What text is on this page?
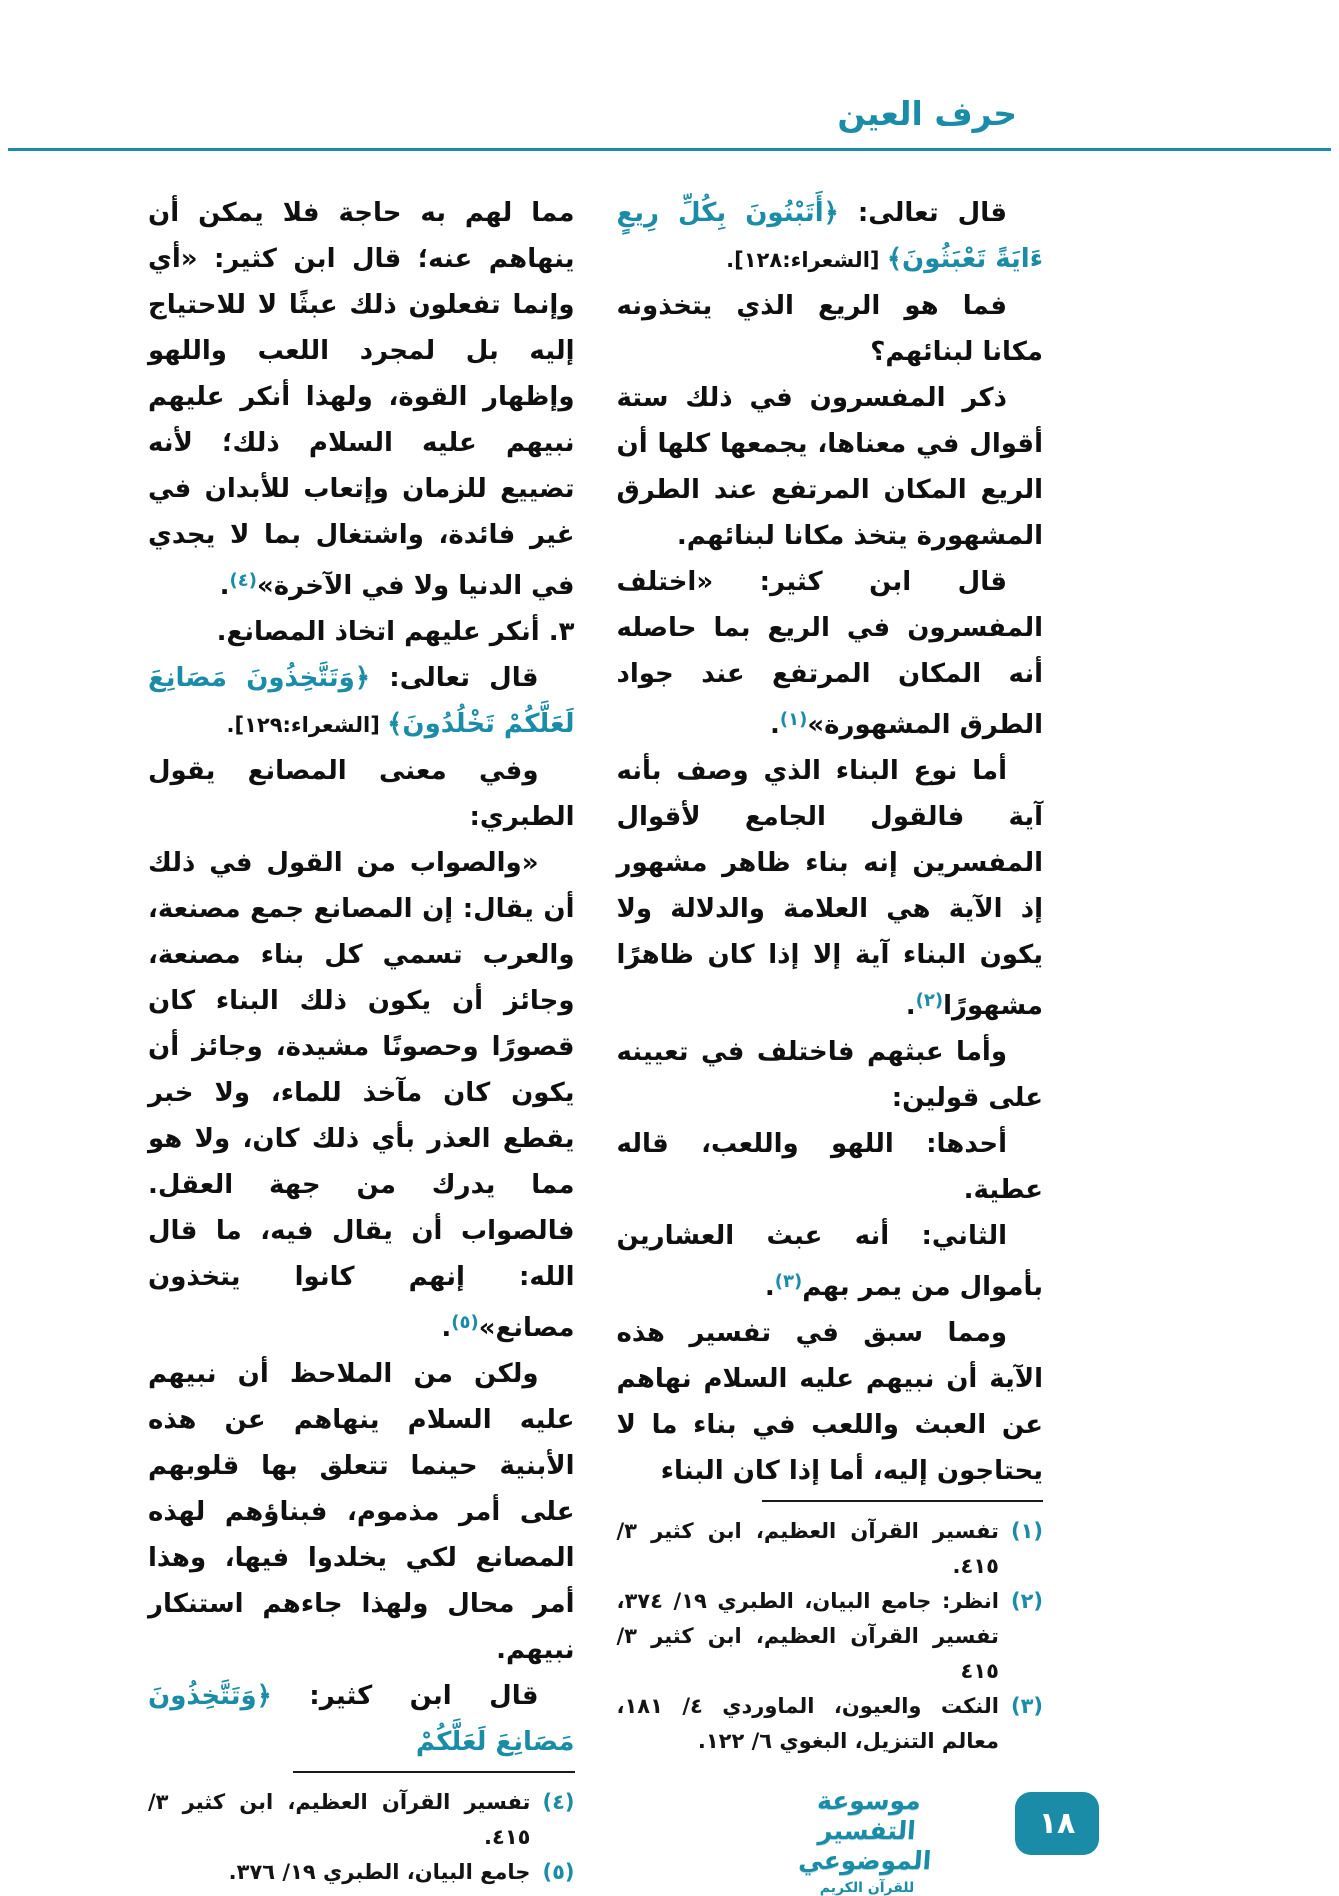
حرف العين

قال تعالى: ﴿أَتَبْنُونَ بِكُلِّ رِيعٍ ءَايَةً تَعْبَثُونَ﴾ [الشعراء:١٢٨].

فما هو الريع الذي يتخذونه مكانا لبنائهم؟

ذكر المفسرون في ذلك ستة أقوال في معناها، يجمعها كلها أن الريع المكان المرتفع عند الطرق المشهورة يتخذ مكانا لبنائهم.

قال ابن كثير: «اختلف المفسرون في الريع بما حاصله أنه المكان المرتفع عند جواد الطرق المشهورة»$^{(١)}$.

أما نوع البناء الذي وصف بأنه آية فالقول الجامع لأقوال المفسرين إنه بناء ظاهر مشهور إذ الآية هي العلامة والدلالة ولا يكون البناء آية إلا إذا كان ظاهرًا مشهورًا$^{(٢)}$.

وأما عبثهم فاختلف في تعيينه على قولين:

أحدها: اللهو واللعب، قاله عطية.

الثاني: أنه عبث العشارين بأموال من يمر بهم$^{(٣)}$.

ومما سبق في تفسير هذه الآية أن نبيهم عليه السلام نهاهم عن العبث واللعب في بناء ما لا يحتاجون إليه، أما إذا كان البناء

(١)
تفسير القرآن العظيم، ابن كثير ٣/ ٤١٥.
(٢)
انظر: جامع البيان، الطبري ١٩/ ٣٧٤، تفسير القرآن العظيم، ابن كثير ٣/ ٤١٥
(٣)
النكت والعيون، الماوردي ٤/ ١٨١، معالم التنزيل، البغوي ٦/ ١٢٢.

مما لهم به حاجة فلا يمكن أن ينهاهم عنه؛ قال ابن كثير: «أي وإنما تفعلون ذلك عبثًا لا للاحتياج إليه بل لمجرد اللعب واللهو وإظهار القوة، ولهذا أنكر عليهم نبيهم عليه السلام ذلك؛ لأنه تضييع للزمان وإتعاب للأبدان في غير فائدة، واشتغال بما لا يجدي في الدنيا ولا في الآخرة»$^{(٤)}$.

٣. أنكر عليهم اتخاذ المصانع.

قال تعالى: ﴿وَتَتَّخِذُونَ مَصَانِعَ لَعَلَّكُمْ تَخْلُدُونَ﴾ [الشعراء:١٢٩].

وفي معنى المصانع يقول الطبري:

«والصواب من القول في ذلك أن يقال: إن المصانع جمع مصنعة، والعرب تسمي كل بناء مصنعة، وجائز أن يكون ذلك البناء كان قصورًا وحصونًا مشيدة، وجائز أن يكون كان مآخذ للماء، ولا خبر يقطع العذر بأي ذلك كان، ولا هو مما يدرك من جهة العقل. فالصواب أن يقال فيه، ما قال الله: إنهم كانوا يتخذون مصانع»$^{(٥)}$.

ولكن من الملاحظ أن نبيهم عليه السلام ينهاهم عن هذه الأبنية حينما تتعلق بها قلوبهم على أمر مذموم، فبناؤهم لهذه المصانع لكي يخلدوا فيها، وهذا أمر محال ولهذا جاءهم استنكار نبيهم.

قال ابن كثير: ﴿وَتَتَّخِذُونَ مَصَانِعَ لَعَلَّكُمْ

(٤)
تفسير القرآن العظيم، ابن كثير ٣/ ٤١٥.
(٥)
جامع البيان، الطبري ١٩/ ٣٧٦.
موسوعة التفسير الموضوعي
للقرآن الكريم
١٨
